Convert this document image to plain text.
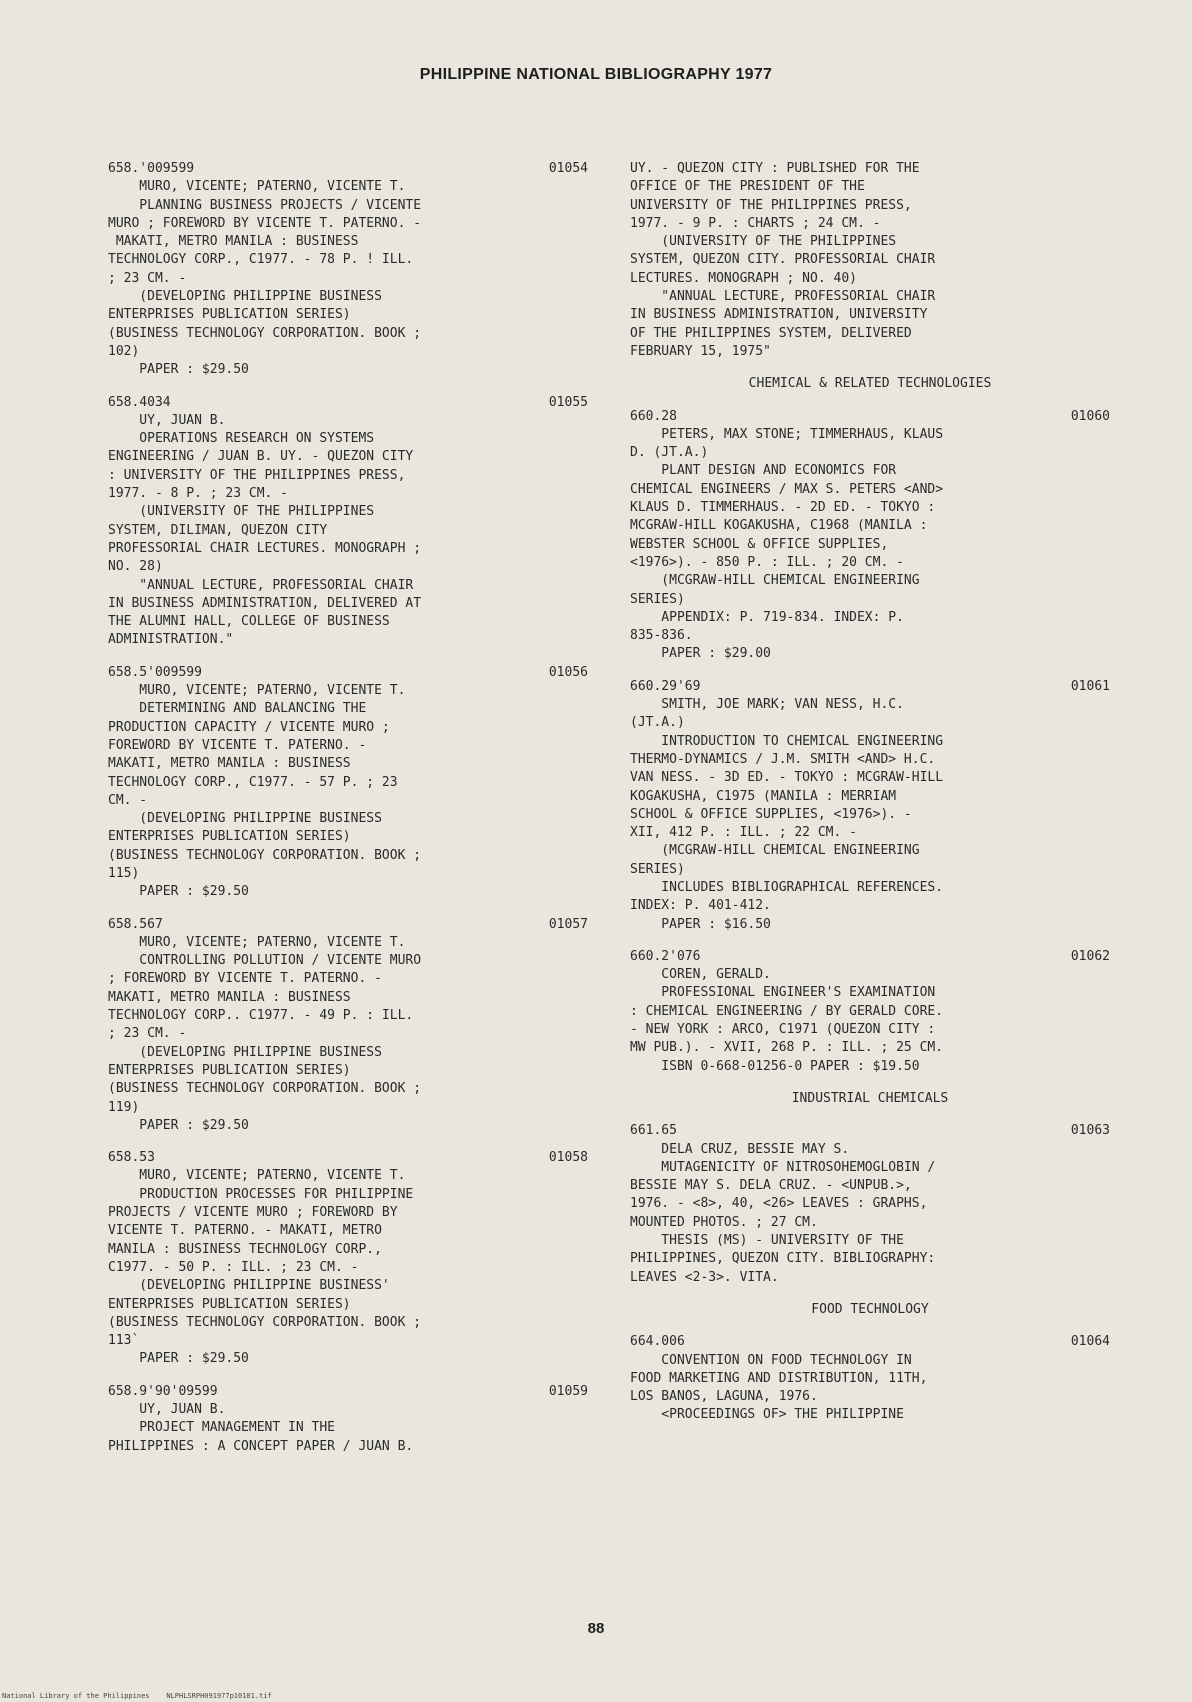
PHILIPPINE NATIONAL BIBLIOGRAPHY 1977
658.'009599	01054
MURO, VICENTE; PATERNO, VICENTE T.
PLANNING BUSINESS PROJECTS / VICENTE
MURO ; FOREWORD BY VICENTE T. PATERNO. -
MAKATI, METRO MANILA : BUSINESS
TECHNOLOGY CORP., C1977. - 78 P. ! ILL.
; 23 CM. -
(DEVELOPING PHILIPPINE BUSINESS
ENTERPRISES PUBLICATION SERIES)
(BUSINESS TECHNOLOGY CORPORATION. BOOK ;
102)
PAPER : $29.50
658.4034	01055
UY, JUAN B.
OPERATIONS RESEARCH ON SYSTEMS
ENGINEERING / JUAN B. UY. - QUEZON CITY
: UNIVERSITY OF THE PHILIPPINES PRESS,
1977. - 8 P. ; 23 CM. -
(UNIVERSITY OF THE PHILIPPINES
SYSTEM, DILIMAN, QUEZON CITY
PROFESSORIAL CHAIR LECTURES. MONOGRAPH ;
NO. 28)
"ANNUAL LECTURE, PROFESSORIAL CHAIR
IN BUSINESS ADMINISTRATION, DELIVERED AT
THE ALUMNI HALL, COLLEGE OF BUSINESS
ADMINISTRATION."
658.5'009599	01056
MURO, VICENTE; PATERNO, VICENTE T.
DETERMINING AND BALANCING THE
PRODUCTION CAPACITY / VICENTE MURO ;
FOREWORD BY VICENTE T. PATERNO. -
MAKATI, METRO MANILA : BUSINESS
TECHNOLOGY CORP., C1977. - 57 P. ; 23
CM. -
(DEVELOPING PHILIPPINE BUSINESS
ENTERPRISES PUBLICATION SERIES)
(BUSINESS TECHNOLOGY CORPORATION. BOOK ;
115)
PAPER : $29.50
658.567	01057
MURO, VICENTE; PATERNO, VICENTE T.
CONTROLLING POLLUTION / VICENTE MURO
; FOREWORD BY VICENTE T. PATERNO. -
MAKATI, METRO MANILA : BUSINESS
TECHNOLOGY CORP.. C1977. - 49 P. : ILL.
; 23 CM. -
(DEVELOPING PHILIPPINE BUSINESS
ENTERPRISES PUBLICATION SERIES)
(BUSINESS TECHNOLOGY CORPORATION. BOOK ;
119)
PAPER : $29.50
658.53	01058
MURO, VICENTE; PATERNO, VICENTE T.
PRODUCTION PROCESSES FOR PHILIPPINE
PROJECTS / VICENTE MURO ; FOREWORD BY
VICENTE T. PATERNO. - MAKATI, METRO
MANILA : BUSINESS TECHNOLOGY CORP.,
C1977. - 50 P. : ILL. ; 23 CM. -
(DEVELOPING PHILIPPINE BUSINESS'
ENTERPRISES PUBLICATION SERIES)
(BUSINESS TECHNOLOGY CORPORATION. BOOK ;
113`
PAPER : $29.50
658.9'90'09599	01059
UY, JUAN B.
PROJECT MANAGEMENT IN THE
PHILIPPINES : A CONCEPT PAPER / JUAN B.
UY. - QUEZON CITY : PUBLISHED FOR THE
OFFICE OF THE PRESIDENT OF THE
UNIVERSITY OF THE PHILIPPINES PRESS,
1977. - 9 P. : CHARTS ; 24 CM. -
(UNIVERSITY OF THE PHILIPPINES
SYSTEM, QUEZON CITY. PROFESSORIAL CHAIR
LECTURES. MONOGRAPH ; NO. 40)
"ANNUAL LECTURE, PROFESSORIAL CHAIR
IN BUSINESS ADMINISTRATION, UNIVERSITY
OF THE PHILIPPINES SYSTEM, DELIVERED
FEBRUARY 15, 1975"
CHEMICAL & RELATED TECHNOLOGIES
660.28	01060
PETERS, MAX STONE; TIMMERHAUS, KLAUS
D. (JT.A.)
PLANT DESIGN AND ECONOMICS FOR
CHEMICAL ENGINEERS / MAX S. PETERS <AND>
KLAUS D. TIMMERHAUS. - 2D ED. - TOKYO :
MCGRAW-HILL KOGAKUSHA, C1968 (MANILA :
WEBSTER SCHOOL & OFFICE SUPPLIES,
<1976>). - 850 P. : ILL. ; 20 CM. -
(MCGRAW-HILL CHEMICAL ENGINEERING
SERIES)
APPENDIX: P. 719-834. INDEX: P.
835-836.
PAPER : $29.00
660.29'69	01061
SMITH, JOE MARK; VAN NESS, H.C.
(JT.A.)
INTRODUCTION TO CHEMICAL ENGINEERING
THERMO-DYNAMICS / J.M. SMITH <AND> H.C.
VAN NESS. - 3D ED. - TOKYO : MCGRAW-HILL
KOGAKUSHA, C1975 (MANILA : MERRIAM
SCHOOL & OFFICE SUPPLIES, <1976>). -
XII, 412 P. : ILL. ; 22 CM. -
(MCGRAW-HILL CHEMICAL ENGINEERING
SERIES)
INCLUDES BIBLIOGRAPHICAL REFERENCES.
INDEX: P. 401-412.
PAPER : $16.50
660.2'076	01062
COREN, GERALD.
PROFESSIONAL ENGINEER'S EXAMINATION
: CHEMICAL ENGINEERING / BY GERALD CORE.
- NEW YORK : ARCO, C1971 (QUEZON CITY :
MW PUB.). - XVII, 268 P. : ILL. ; 25 CM.
ISBN 0-668-01256-0 PAPER : $19.50
INDUSTRIAL CHEMICALS
661.65	01063
DELA CRUZ, BESSIE MAY S.
MUTAGENICITY OF NITROSOHEMOGLOBIN /
BESSIE MAY S. DELA CRUZ. - <UNPUB.>,
1976. - <8>, 40, <26> LEAVES : GRAPHS,
MOUNTED PHOTOS. ; 27 CM.
THESIS (MS) - UNIVERSITY OF THE
PHILIPPINES, QUEZON CITY. BIBLIOGRAPHY:
LEAVES <2-3>. VITA.
FOOD TECHNOLOGY
664.006	01064
CONVENTION ON FOOD TECHNOLOGY IN
FOOD MARKETING AND DISTRIBUTION, 11TH,
LOS BANOS, LAGUNA, 1976.
<PROCEEDINGS OF> THE PHILIPPINE
88
National Library of the Philippines    NLPHLSRPH091977p10101.tif
